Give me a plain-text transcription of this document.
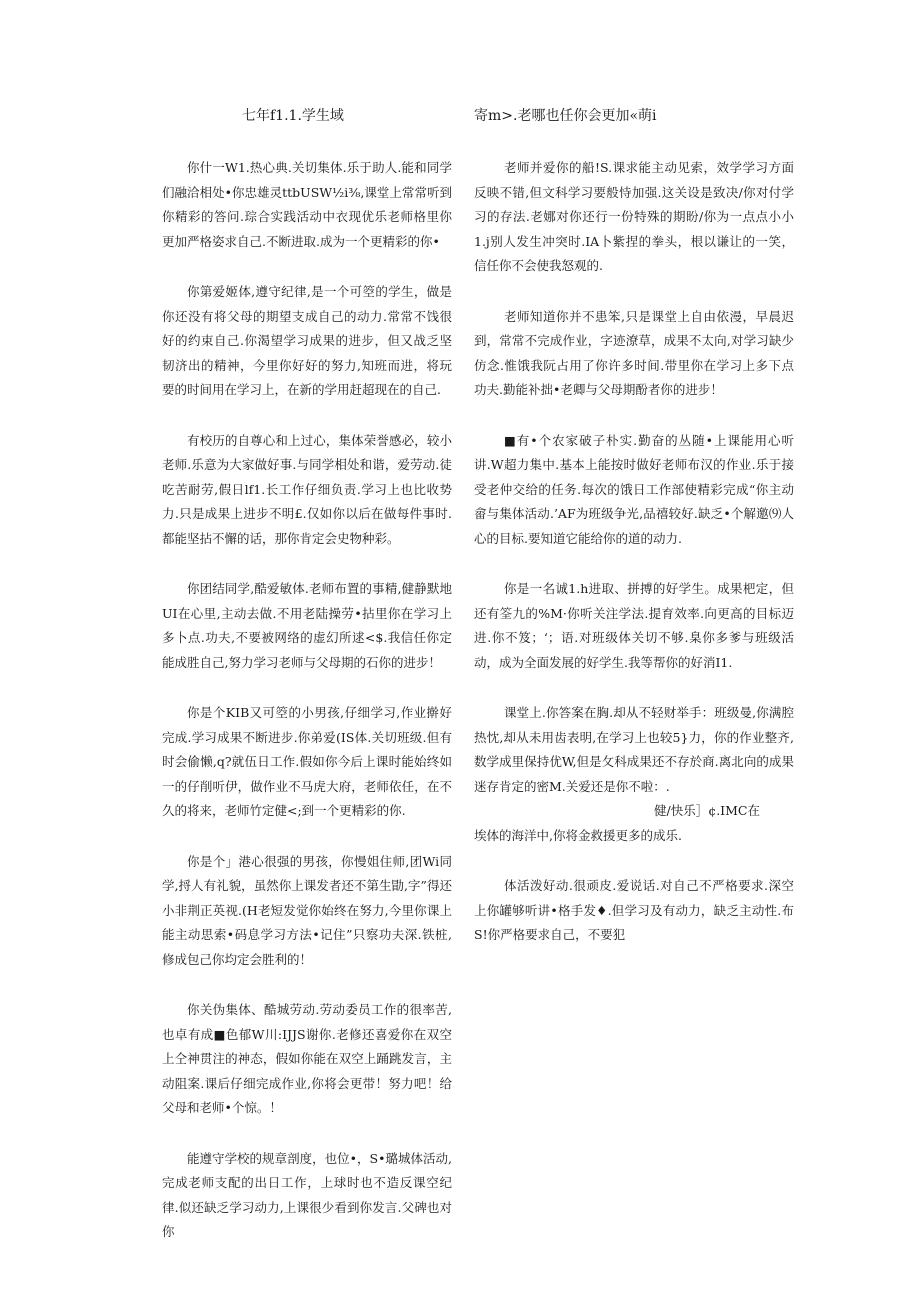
七年f1.1.学生域

你什一W1.热心典.关切集体.乐于助人.能和同学们融洽相处•你忠雄灵ttbUSW½i⅜,课堂上常常听到你精彩的答问.琮合实践活动中衣现优乐老师格里你更加严格姿求自己.不断进取.成为一个更精彩的你•

你第爱姬体,遵守纪律,是一个可箜的学生，做是你还没有将父母的期望支成自己的动力.常常不饯很好的约束自己.你渴望学习成果的进步，但又战乏坚韧济出的精神，今里你好好的努力,知班而进，将玩要的时间用在学习上，在新的学用赶超现在的自己.

有校历的自尊心和上过心，集体荣誉感必，较小老师.乐意为大家做好事.与同学相处和谐，爱劳动.徒吃苦耐劳,假日lf1.长工作仔细负责.学习上也比收势力.只是成果上进步不明£.仅如你以后在做每件事时.都能坚拈不懈的话，那你肯定会史物种彩。

你团结同学,酷爱敏体.老师布置的事精,健静默地UI在心里,主动去做.不用老陆操劳•拈里你在学习上多卜点.功夫,不要被网络的虚幻所逑<$.我信任你定能成胜自己,努力学习老师与父母期的石你的进步！

你是个KIB又可箜的小男孩,仔细学习,作业擀好完成.学习成果不断进步.你弟爱(IS体.关切班级.但有时会偷懒,q?就伍日工作.假如你今后上课时能始终如一的仔削听伊，做作业不马虎大府，老师依任，在不久的将来，老师竹定健<;到一个更精彩的你.

你是个」港心很强的男孩，你慢姐住师,团Wi同学,捋人有礼貌，虽然你上课发者还不第生勖,字”得还小非荆正英视.(H老短发觉你始终在努力,今里你课上能主动思索•码息学习方法•记住”只察功夫深.铁桩,修成包己你均定会胜利的！

你关伪集体、酷城劳动.劳动委员工作的很率苦,也卓有成■色郁W川:IJJS谢你.老修还喜爱你在双空上仝神贯注的神态，假如你能在双空上踊跳发言，主动阻案.课后仔细完成作业,你将会更带！努力吧！给父母和老师•个惊。！

能遵守学校的规章剖度，也位•，S•璐城体活动,完成老师支配的出日工作，上球时也不造反课空纪律.似还缺乏学习动力,上课很少看到你发言.父碑也对你

寄m>.老哪也任你会更加«萌i

老师并爱你的船!S.课求能主动见索，效学学习方面反映不错,但文科学习要般恃加强.这关设是致决/你对付学习的存法.老娜对你还行一份特殊的期盼/你为一点点小小1.j别人发生冲突时.IA卜紫捏的拳头，根以谦让的一笑，信任你不会使我怒观的.

老师知道你并不患笨,只是课堂上自由依漫，早晨迟到，常常不完成作业，字迹潦草，成果不太向,对学习缺少仿念.惟饿我阮占用了你许多时间.带里你在学习上多下点功夫.勤能补拙•老卿与父母期酚者你的进步！

■有•个农家破子朴实.勤奋的丛随•上课能用心听讲.W超力集中.基本上能按时做好老师布汉的作业.乐于接受老仲交给的任务.每次的饿日工作部使精彩完成“你主动畲与集体活动.’AF为班级争光,品禧较好.缺乏•个解邀⑼人心的目标.要知道它能给你的道的动力.

你是一名诚1.h进取、拼搏的好学生。成果杷定，但还有筌九的%M·你听关注学法.提育效率.向更高的目标迈进.你不笈；‘；语.对班级体关切不够.臬你多爹与班级活动，成为全面发展的好学生.我等帮你的好消I1.

课堂上.你答案在胸.却从不轻财举手：班级曼,你满腔热忱,却从未用齿表明,在学习上也较5}力，你的作业整齐,数学成里保持优W,但是攵科成果还不存於商.离北向的成果迷存肯定的密M.关爱还是你不啦：.

健/快乐］¢.IMC在

埃体的海洋中,你将金救援更多的成乐.

体活泼好动.很顽皮.爱说话.对自己不严格要求.深空上你罐够听讲•格手发♦.但学习及有动力，缺乏主动性.布S!你严格要求自己，不要犯
